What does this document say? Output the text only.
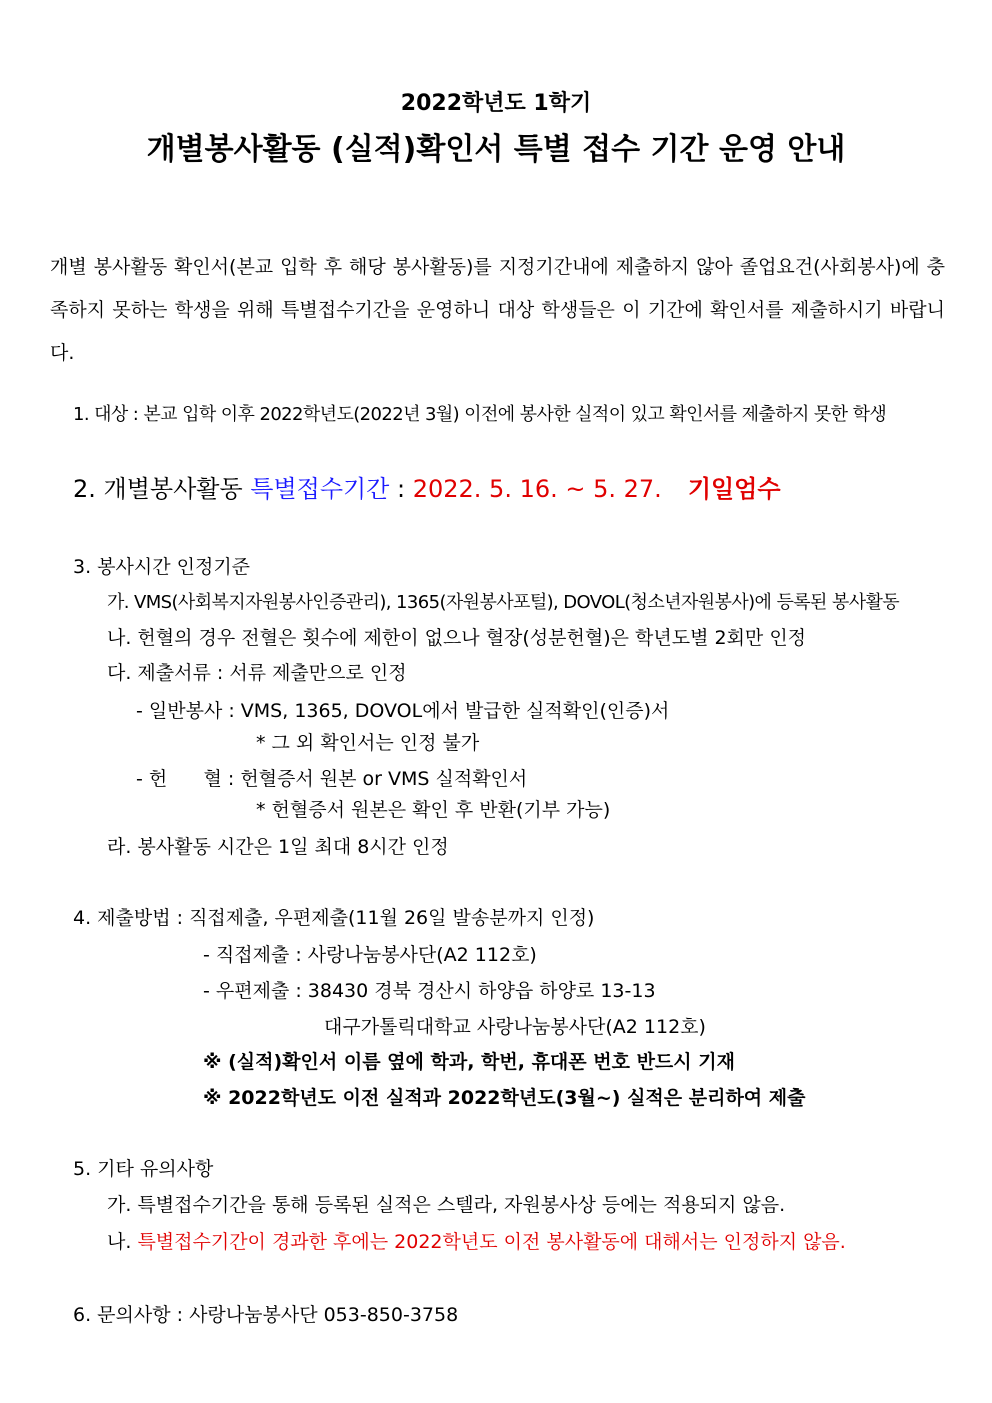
2022학년도 1학기
개별봉사활동 (실적)확인서 특별 접수 기간 운영 안내
개별 봉사활동 확인서(본교 입학 후 해당 봉사활동)를 지정기간내에 제출하지 않아 졸업요건(사회봉사)에 충족하지 못하는 학생을 위해 특별접수기간을 운영하니 대상 학생들은 이 기간에 확인서를 제출하시기 바랍니다.
1. 대상 : 본교 입학 이후 2022학년도(2022년 3월) 이전에 봉사한 실적이 있고 확인서를 제출하지 못한 학생
2. 개별봉사활동 특별접수기간 : 2022. 5. 16. ~ 5. 27. 기일엄수
3. 봉사시간 인정기준
가. VMS(사회복지자원봉사인증관리), 1365(자원봉사포털), DOVOL(청소년자원봉사)에 등록된 봉사활동
나. 헌혈의 경우 전혈은 횟수에 제한이 없으나 혈장(성분헌혈)은 학년도별 2회만 인정
다. 제출서류 : 서류 제출만으로 인정
- 일반봉사 : VMS, 1365, DOVOL에서 발급한 실적확인(인증)서
* 그 외 확인서는 인정 불가
- 헌      혈 : 헌혈증서 원본 or VMS 실적확인서
* 헌혈증서 원본은 확인 후 반환(기부 가능)
라. 봉사활동 시간은 1일 최대 8시간 인정
4. 제출방법 : 직접제출, 우편제출(11월 26일 발송분까지 인정)
- 직접제출 : 사랑나눔봉사단(A2 112호)
- 우편제출 : 38430 경북 경산시 하양읍 하양로 13-13
대구가톨릭대학교 사랑나눔봉사단(A2 112호)
※ (실적)확인서 이름 옆에 학과, 학번, 휴대폰 번호 반드시 기재
※ 2022학년도 이전 실적과 2022학년도(3월~) 실적은 분리하여 제출
5. 기타 유의사항
가. 특별접수기간을 통해 등록된 실적은 스텔라, 자원봉사상 등에는 적용되지 않음.
나. 특별접수기간이 경과한 후에는 2022학년도 이전 봉사활동에 대해서는 인정하지 않음.
6. 문의사항 : 사랑나눔봉사단 053-850-3758
